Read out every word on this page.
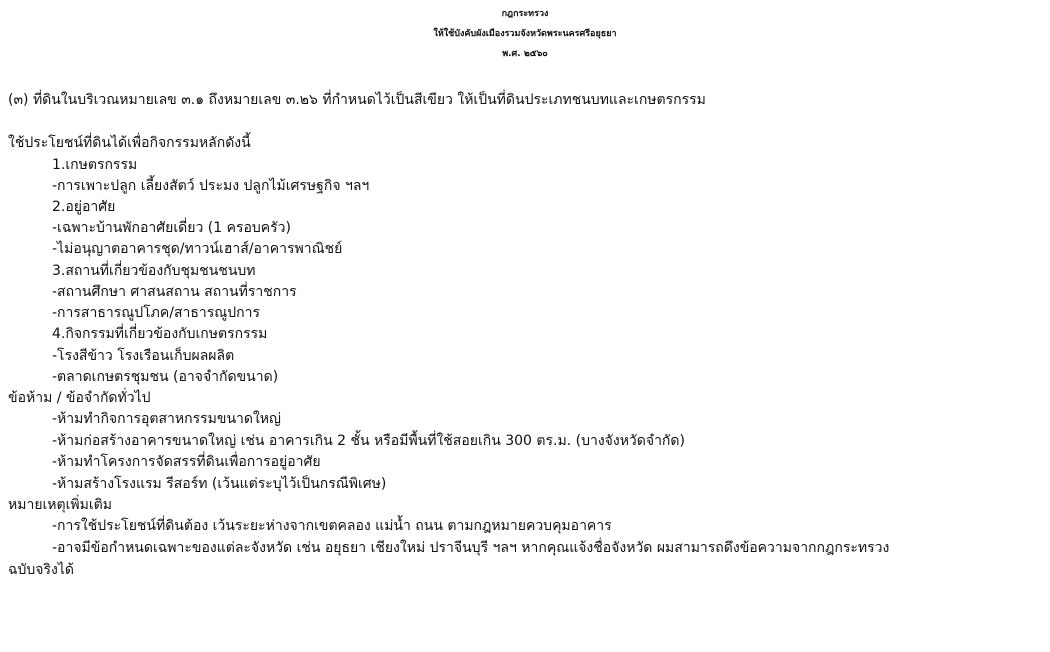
กฎกระทรวง
ให้ใช้บังคับผังเมืองรวมจังหวัดพระนครศรีอยุธยา
พ.ศ. ๒๕๖๐
(๓) ที่ดินในบริเวณหมายเลข ๓.๑ ถึงหมายเลข ๓.๒๖ ที่กำหนดไว้เป็นสีเขียว ให้เป็นที่ดินประเภทชนบทและเกษตรกรรม
ใช้ประโยชน์ที่ดินได้เพื่อกิจกรรมหลักดังนี้
1.เกษตรกรรม
-การเพาะปลูก เลี้ยงสัตว์ ประมง ปลูกไม้เศรษฐกิจ ฯลฯ
2.อยู่อาศัย
-เฉพาะบ้านพักอาศัยเดี่ยว (1 ครอบครัว)
-ไม่อนุญาตอาคารชุด/ทาวน์เฮาส์/อาคารพาณิชย์
3.สถานที่เกี่ยวข้องกับชุมชนชนบท
-สถานศึกษา ศาสนสถาน สถานที่ราชการ
-การสาธารณูปโภค/สาธารณูปการ
4.กิจกรรมที่เกี่ยวข้องกับเกษตรกรรม
-โรงสีข้าว โรงเรือนเก็บผลผลิต
-ตลาดเกษตรชุมชน (อาจจำกัดขนาด)
ข้อห้าม / ข้อจำกัดทั่วไป
-ห้ามทำกิจการอุตสาหกรรมขนาดใหญ่
-ห้ามก่อสร้างอาคารขนาดใหญ่ เช่น อาคารเกิน 2 ชั้น หรือมีพื้นที่ใช้สอยเกิน 300 ตร.ม. (บางจังหวัดจำกัด)
-ห้ามทำโครงการจัดสรรที่ดินเพื่อการอยู่อาศัย
-ห้ามสร้างโรงแรม รีสอร์ท (เว้นแต่ระบุไว้เป็นกรณีพิเศษ)
หมายเหตุเพิ่มเติม
-การใช้ประโยชน์ที่ดินต้อง เว้นระยะห่างจากเขตคลอง แม่น้ำ ถนน ตามกฎหมายควบคุมอาคาร
-อาจมีข้อกำหนดเฉพาะของแต่ละจังหวัด เช่น อยุธยา เชียงใหม่ ปราจีนบุรี ฯลฯ หากคุณแจ้งชื่อจังหวัด ผมสามารถดึงข้อความจากกฎกระทรวง
ฉบับจริงได้
